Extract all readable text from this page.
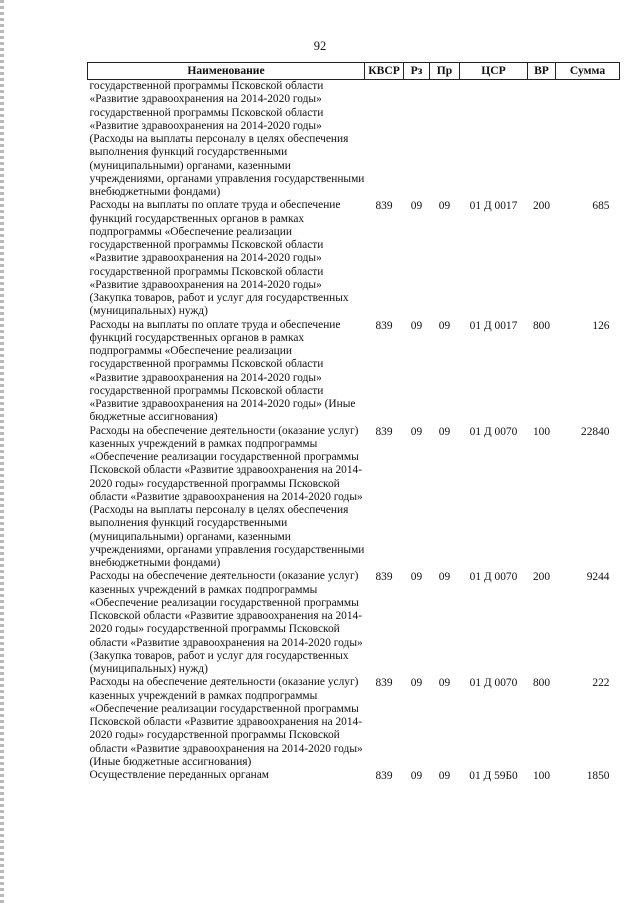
92
Наименование	КВСР	Рз	Пр	ЦСР	ВР	Сумма
государственной программы Псковской области «Развитие здравоохранения на 2014-2020 годы» государственной программы Псковской области «Развитие здравоохранения на 2014-2020 годы» (Расходы на выплаты персоналу в целях обеспечения выполнения функций государственными (муниципальными) органами, казенными учреждениями, органами управления государственными внебюджетными фондами)						
Расходы на выплаты по оплате труда и обеспечение функций государственных органов в рамках подпрограммы «Обеспечение реализации государственной программы Псковской области «Развитие здравоохранения на 2014-2020 годы» государственной программы Псковской области «Развитие здравоохранения на 2014-2020 годы» (Закупка товаров, работ и услуг для государственных (муниципальных) нужд)	839	09	09	01 Д 0017	200	685
Расходы на выплаты по оплате труда и обеспечение функций государственных органов в рамках подпрограммы «Обеспечение реализации государственной программы Псковской области «Развитие здравоохранения на 2014-2020 годы» государственной программы Псковской области «Развитие здравоохранения на 2014-2020 годы» (Иные бюджетные ассигнования)	839	09	09	01 Д 0017	800	126
Расходы на обеспечение деятельности (оказание услуг) казенных учреждений в рамках подпрограммы «Обеспечение реализации государственной программы Псковской области «Развитие здравоохранения на 2014-2020 годы» государственной программы Псковской области «Развитие здравоохранения на 2014-2020 годы» (Расходы на выплаты персоналу в целях обеспечения выполнения функций государственными (муниципальными) органами, казенными учреждениями, органами управления государственными внебюджетными фондами)	839	09	09	01 Д 0070	100	22840
Расходы на обеспечение деятельности (оказание услуг) казенных учреждений в рамках подпрограммы «Обеспечение реализации государственной программы Псковской области «Развитие здравоохранения на 2014-2020 годы» государственной программы Псковской области «Развитие здравоохранения на 2014-2020 годы» (Закупка товаров, работ и услуг для государственных (муниципальных) нужд)	839	09	09	01 Д 0070	200	9244
Расходы на обеспечение деятельности (оказание услуг) казенных учреждений в рамках подпрограммы «Обеспечение реализации государственной программы Псковской области «Развитие здравоохранения на 2014-2020 годы» государственной программы Псковской области «Развитие здравоохранения на 2014-2020 годы» (Иные бюджетные ассигнования)	839	09	09	01 Д 0070	800	222
Осуществление переданных органам	839	09	09	01 Д 59Б0	100	1850
